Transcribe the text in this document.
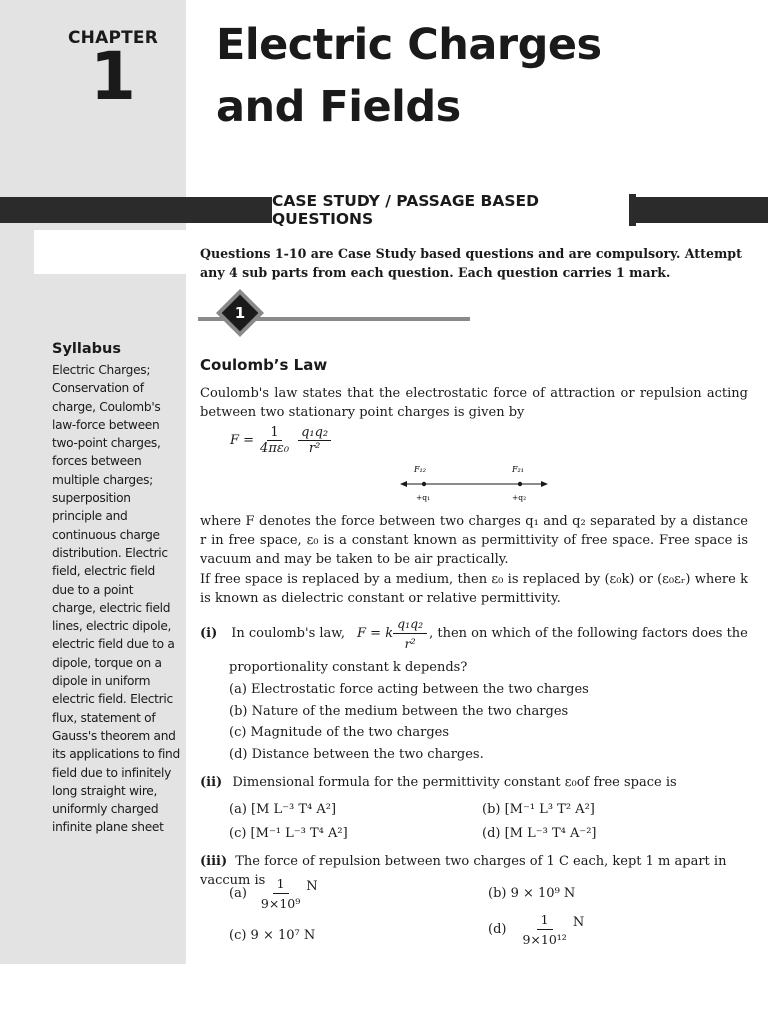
CHAPTER
1 Electric Charges
and Fields
CASE STUDY / PASSAGE BASED QUESTIONS
Questions 1-10 are Case Study based questions and are compulsory. Attempt any 4 sub parts from each question. Each question carries 1 mark.
1
Syllabus
Electric Charges; Conservation of charge, Coulomb's law-force between two-point charges, forces between multiple charges; superposition principle and continuous charge distribution. Electric field, electric field due to a point charge, electric field lines, electric dipole, electric field due to a dipole, torque on a dipole in uniform electric field. Electric flux, statement of Gauss's theorem and its applications to find field due to infinitely long straight wire, uniformly charged infinite plane sheet
Coulomb’s Law
Coulomb's law states that the electrostatic force of attraction or repulsion acting between two stationary point charges is given by
$F = \frac{1}{\text{4πε₀}} \frac{\text{q₁q₂}}{\text{r²}}$
F₁₂	F₂₁
+q₁	+q₂
where F denotes the force between two charges q₁ and q₂ separated by a distance r in free space, ε₀ is a constant known as permittivity of free space. Free space is vacuum and may be taken to be air practically.
If free space is replaced by a medium, then ε₀ is replaced by (ε₀k) or (ε₀εᵣ) where k is known as dielectric constant or relative permittivity.
(i) In coulomb's law, F = k $\frac{\text{q₁q₂}}{\text{r²}}$ , then on which of the following factors does the
proportionality constant k depends?
(a) Electrostatic force acting between the two charges
(b) Nature of the medium between the two charges
(c) Magnitude of the two charges
(d) Distance between the two charges.
(ii) Dimensional formula for the permittivity constant ε₀of free space is
(a) [M L⁻³ T⁴ A²]	(b) [M⁻¹ L³ T² A²]
(c) [M⁻¹ L⁻³ T⁴ A²]	(d) [M L⁻³ T⁴ A⁻²]
(iii) The force of repulsion between two charges of 1 C each, kept 1 m apart in vaccum is
$(a) \frac{1}{\text{9×10⁹}}$ N	(b) 9 × 10⁹ N
(c) 9 × 10⁷ N	$(d) \frac{1}{\text{9×10¹²}}$ N
